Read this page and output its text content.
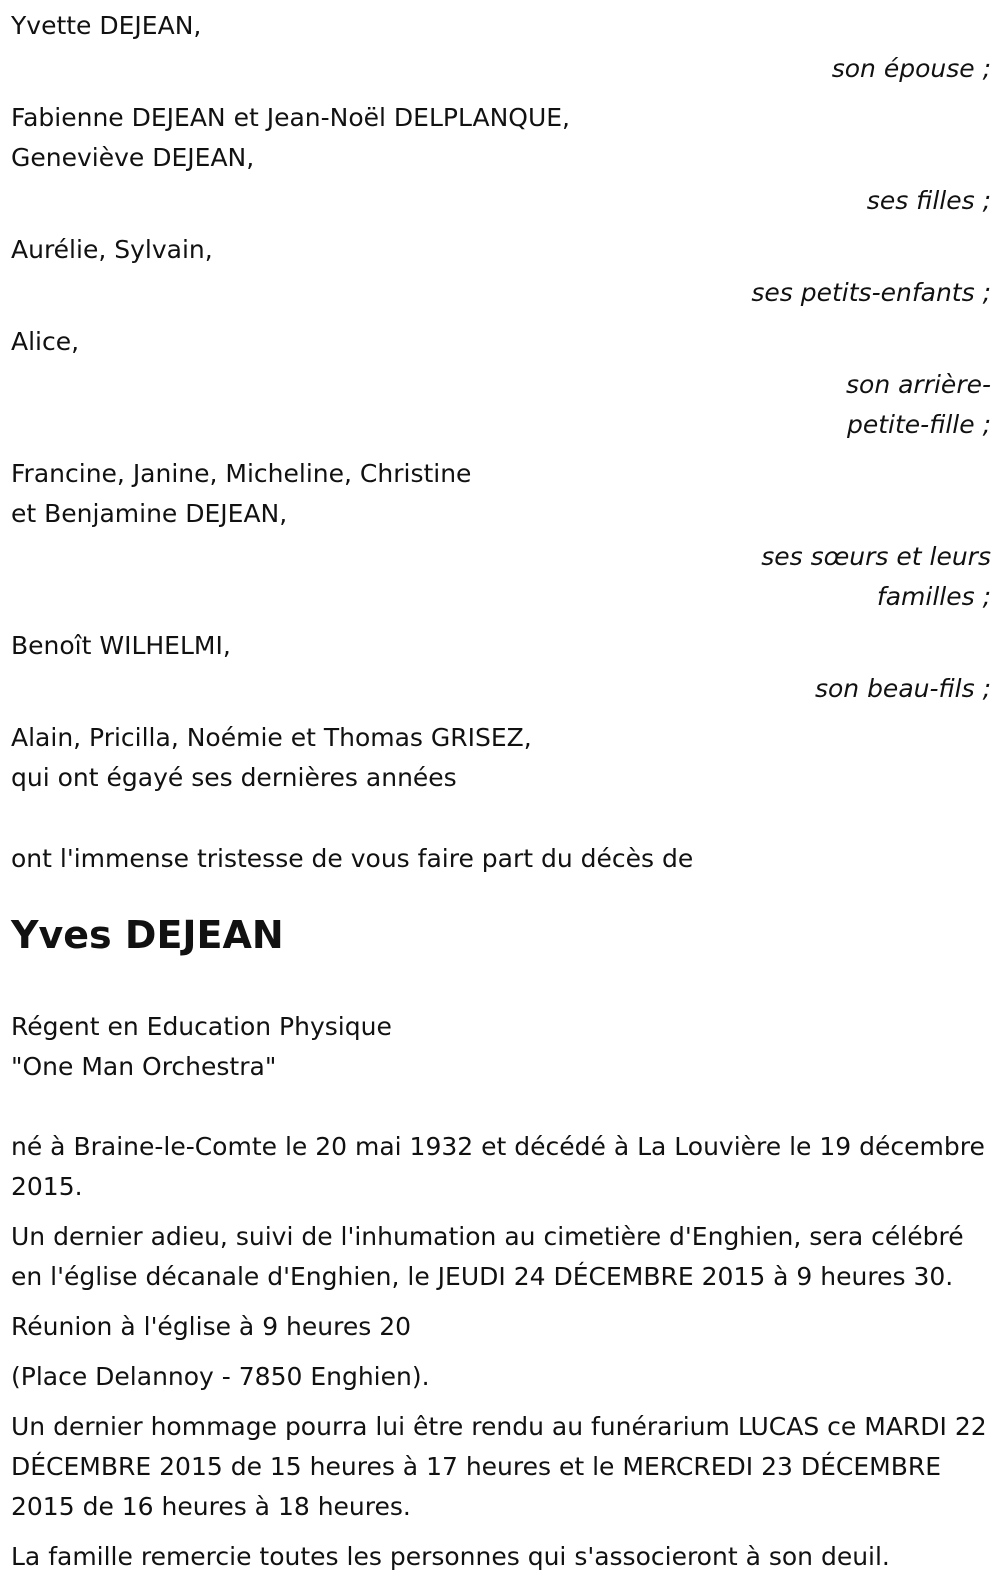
Yvette DEJEAN,
son épouse ;
Fabienne DEJEAN et Jean-Noël DELPLANQUE,
Geneviève DEJEAN,
ses filles ;
Aurélie, Sylvain,
ses petits-enfants ;
Alice,
son arrière-
petite-fille ;
Francine, Janine, Micheline, Christine
et Benjamine DEJEAN,
ses sœurs et leurs
familles ;
Benoît WILHELMI,
son beau-fils ;
Alain, Pricilla, Noémie et Thomas GRISEZ,
qui ont égayé ses dernières années
ont l'immense tristesse de vous faire part du décès de
Yves DEJEAN
Régent en Education Physique
"One Man Orchestra"
né à Braine-le-Comte le 20 mai 1932 et décédé à La Louvière le 19 décembre 2015.
Un dernier adieu, suivi de l'inhumation au cimetière d'Enghien, sera célébré en l'église décanale d'Enghien, le JEUDI 24 DÉCEMBRE 2015 à 9 heures 30.
Réunion à l'église à 9 heures 20
(Place Delannoy - 7850 Enghien).
Un dernier hommage pourra lui être rendu au funérarium LUCAS ce MARDI 22 DÉCEMBRE 2015 de 15 heures à 17 heures et le MERCREDI 23 DÉCEMBRE 2015 de 16 heures à 18 heures.
La famille remercie toutes les personnes qui s'associeront à son deuil.
